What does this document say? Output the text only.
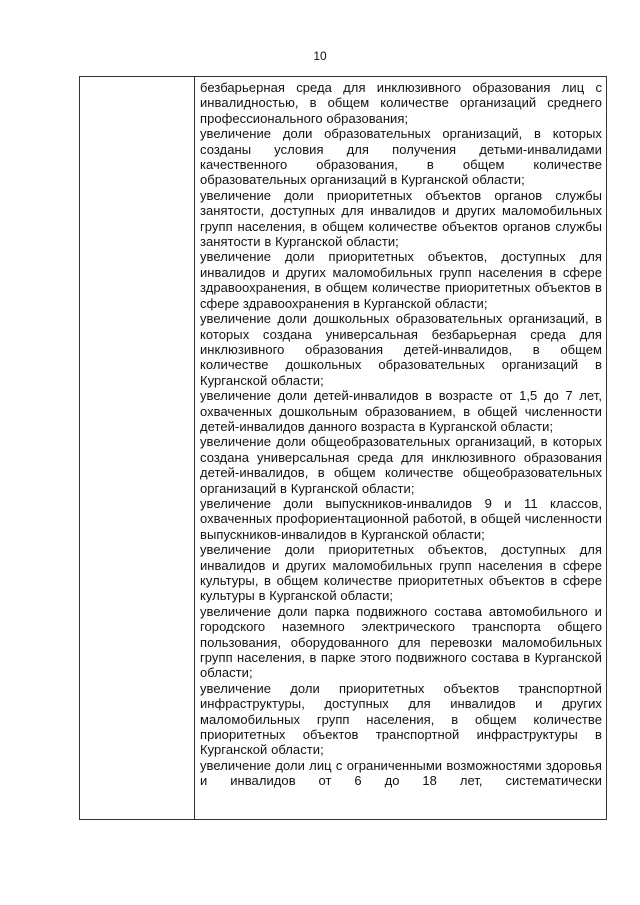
10

безбарьерная среда для инклюзивного образования лиц с инвалидностью, в общем количестве организаций среднего профессионального образования;

увеличение доли образовательных организаций, в которых созданы условия для получения детьми-инвалидами качественного образования, в общем количестве образовательных организаций в Курганской области;

увеличение доли приоритетных объектов органов службы занятости, доступных для инвалидов и других маломобильных групп населения, в общем количестве объектов органов службы занятости в Курганской области;

увеличение доли приоритетных объектов, доступных для инвалидов и других маломобильных групп населения в сфере здравоохранения, в общем количестве приоритетных объектов в сфере здравоохранения в Курганской области;

увеличение доли дошкольных образовательных организаций, в которых создана универсальная безбарьерная среда для инклюзивного образования детей-инвалидов, в общем количестве дошкольных образовательных организаций в Курганской области;

увеличение доли детей-инвалидов в возрасте от 1,5 до 7 лет, охваченных дошкольным образованием, в общей численности детей-инвалидов данного возраста в Курганской области;

увеличение доли общеобразовательных организаций, в которых создана универсальная среда для инклюзивного образования детей-инвалидов, в общем количестве общеобразовательных организаций в Курганской области;

увеличение доли выпускников-инвалидов 9 и 11 классов, охваченных профориентационной работой, в общей численности выпускников-инвалидов в Курганской области;

увеличение доли приоритетных объектов, доступных для инвалидов и других маломобильных групп населения в сфере культуры, в общем количестве приоритетных объектов в сфере культуры в Курганской области;

увеличение доли парка подвижного состава автомобильного и городского наземного электрического транспорта общего пользования, оборудованного для перевозки маломобильных групп населения, в парке этого подвижного состава в Курганской области;

увеличение доли приоритетных объектов транспортной инфраструктуры, доступных для инвалидов и других маломобильных групп населения, в общем количестве приоритетных объектов транспортной инфраструктуры в Курганской области;

увеличение доли лиц с ограниченными возможностями здоровья и инвалидов от 6 до 18 лет, систематически
